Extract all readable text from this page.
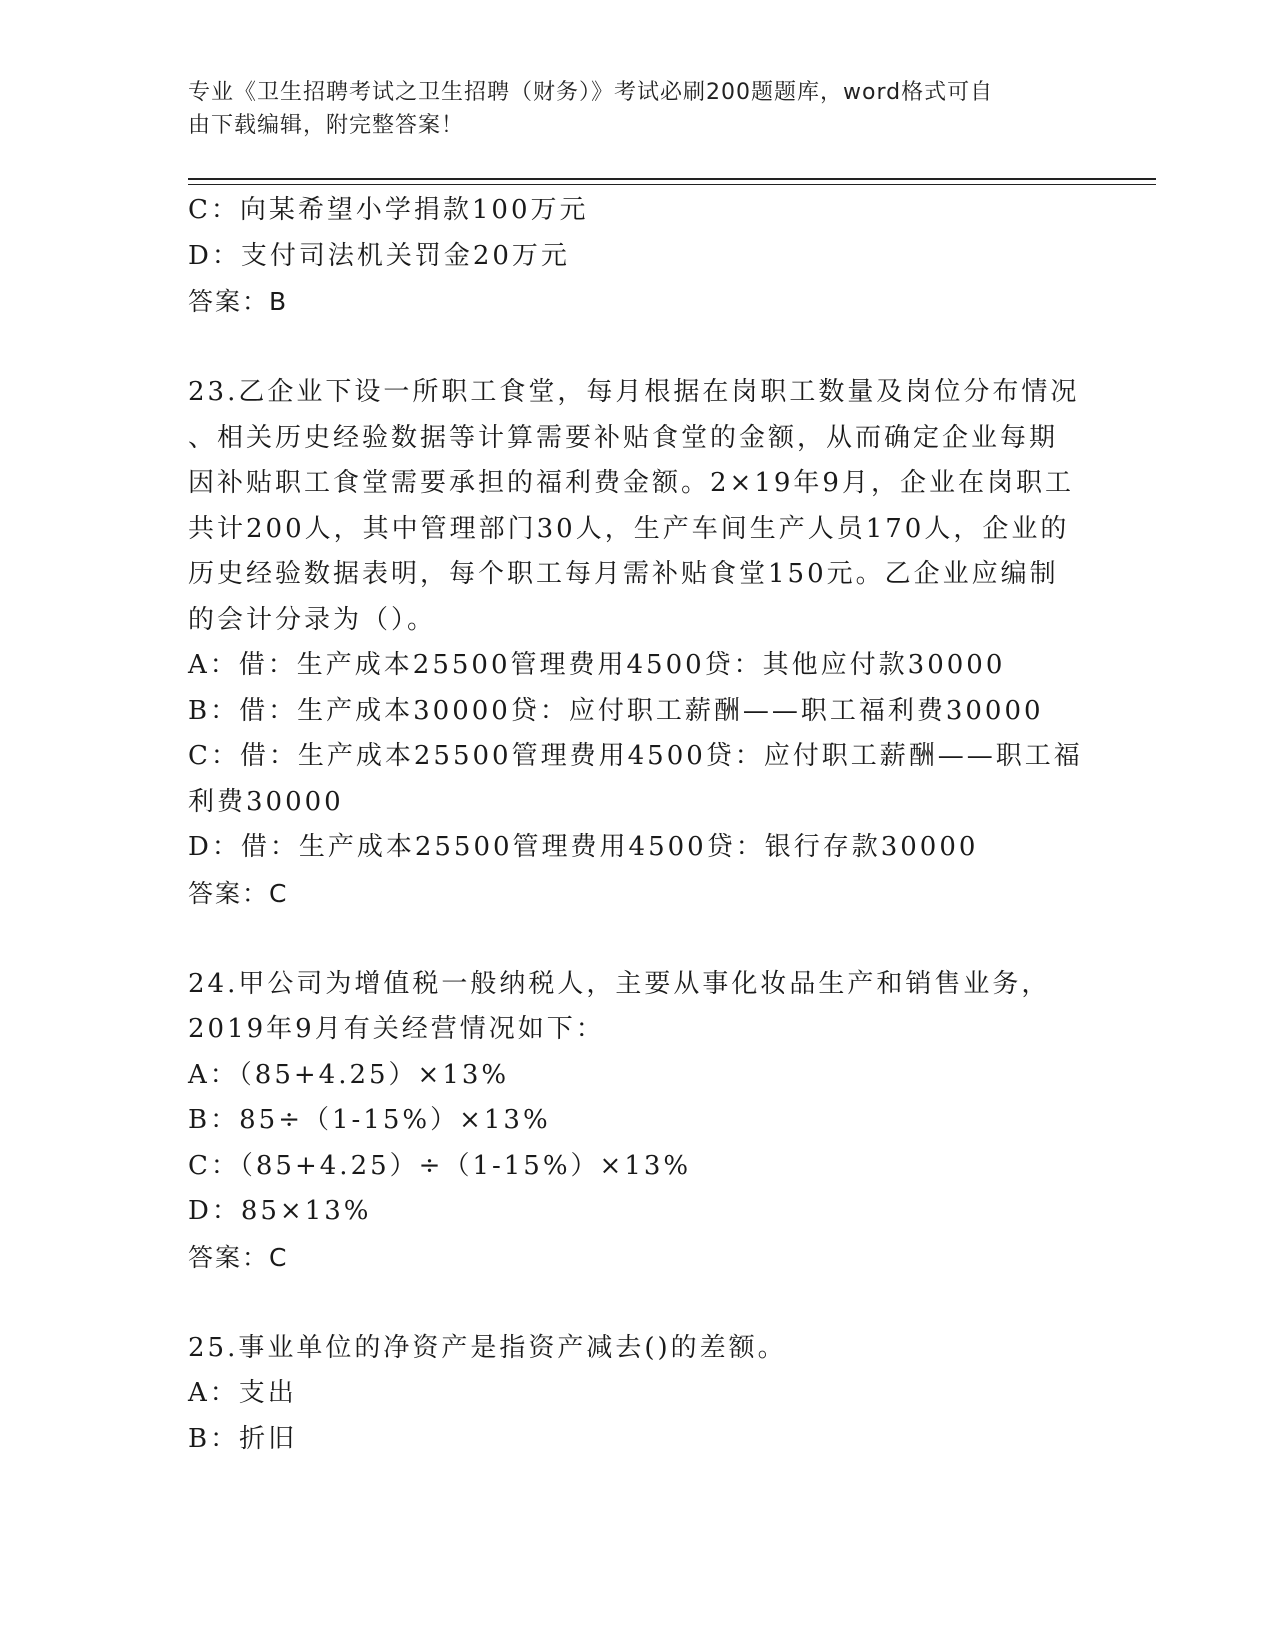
专业《卫生招聘考试之卫生招聘（财务）》考试必刷200题题库，word格式可自
由下载编辑，附完整答案！
C：向某希望小学捐款100万元
D：支付司法机关罚金20万元
答案：B
23.乙企业下设一所职工食堂，每月根据在岗职工数量及岗位分布情况
、相关历史经验数据等计算需要补贴食堂的金额，从而确定企业每期
因补贴职工食堂需要承担的福利费金额。2×19年9月，企业在岗职工
共计200人，其中管理部门30人，生产车间生产人员170人，企业的
历史经验数据表明，每个职工每月需补贴食堂150元。乙企业应编制
的会计分录为（）。
A：借：生产成本25500管理费用4500贷：其他应付款30000
B：借：生产成本30000贷：应付职工薪酬——职工福利费30000
C：借：生产成本25500管理费用4500贷：应付职工薪酬——职工福
利费30000
D：借：生产成本25500管理费用4500贷：银行存款30000
答案：C
24.甲公司为增值税一般纳税人，主要从事化妆品生产和销售业务，
2019年9月有关经营情况如下：
A：（85+4.25）×13%
B：85÷（1-15%）×13%
C：（85+4.25）÷（1-15%）×13%
D：85×13%
答案：C
25.事业单位的净资产是指资产减去()的差额。
A：支出
B：折旧
